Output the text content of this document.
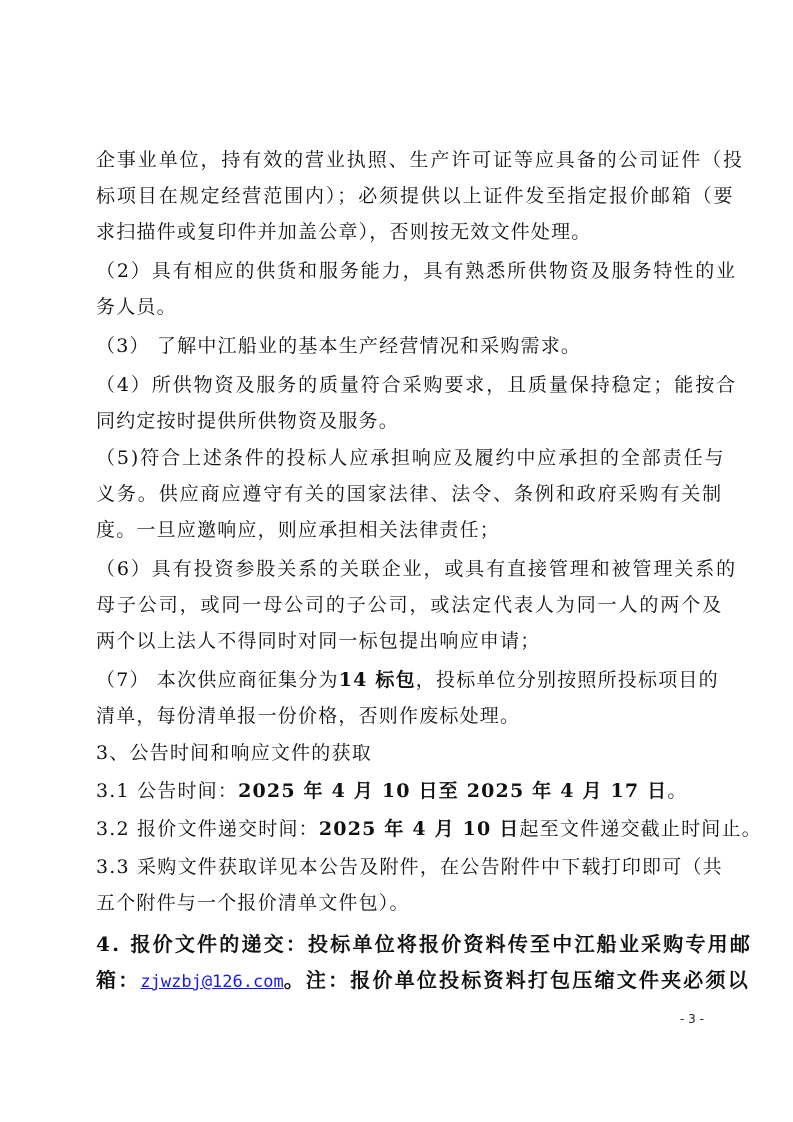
企事业单位，持有效的营业执照、生产许可证等应具备的公司证件（投
标项目在规定经营范围内）；必须提供以上证件发至指定报价邮箱（要
求扫描件或复印件并加盖公章），否则按无效文件处理。
（2）具有相应的供货和服务能力，具有熟悉所供物资及服务特性的业
务人员。
（3） 了解中江船业的基本生产经营情况和采购需求。
（4）所供物资及服务的质量符合采购要求，且质量保持稳定；能按合
同约定按时提供所供物资及服务。
（5)符合上述条件的投标人应承担响应及履约中应承担的全部责任与
义务。供应商应遵守有关的国家法律、法令、条例和政府采购有关制
度。一旦应邀响应，则应承担相关法律责任；
（6）具有投资参股关系的关联企业，或具有直接管理和被管理关系的
母子公司，或同一母公司的子公司，或法定代表人为同一人的两个及
两个以上法人不得同时对同一标包提出响应申请；
（7） 本次供应商征集分为14 标包，投标单位分别按照所投标项目的
清单，每份清单报一份价格，否则作废标处理。
3、公告时间和响应文件的获取
3.1 公告时间：2025 年 4 月 10 日至 2025 年 4 月 17 日。
3.2 报价文件递交时间：2025 年 4 月 10 日起至文件递交截止时间止。
3.3 采购文件获取详见本公告及附件，在公告附件中下载打印即可（共
五个附件与一个报价清单文件包）。
4. 报价文件的递交：投标单位将报价资料传至中江船业采购专用邮
箱：zjwzbj@126.com。注：报价单位投标资料打包压缩文件夹必须以
- 3 -
